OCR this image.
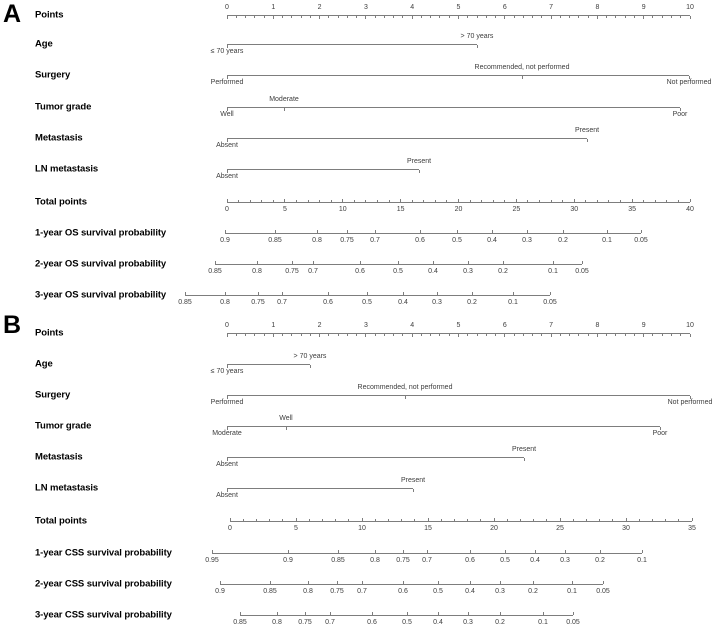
A Points
0	1	2	3	4	5	6	7	8	9	10
Age
≤ 70 years
> 70 years
Surgery
Performed
Recommended, not performed
Not performed
Tumor grade
Well
Moderate
Poor
Metastasis
Absent
Present
LN metastasis
Absent
Present
Total points
0	5	10	15	20	25	30	35	40
1-year OS survival probability
0.9	0.85	0.8	0.75 0.7	0.6	0.5	0.4	0.3	0.2	0.1	0.05
2-year OS survival probability
0.85	0.8	0.75 0.7	0.6	0.5	0.4	0.3	0.2	0.1 0.05
3-year OS survival probability
0.85	0.8	0.75 0.7	0.6	0.5	0.4	0.3	0.2	0.1	0.05
B Points
0	1	2	3	4	5	6	7	8	9	10
Age
≤ 70 years
> 70 years
Surgery
Performed
Recommended, not performed
Not performed
Tumor grade
Moderate
Well
Poor
Metastasis
Absent
Present
LN metastasis
Absent
Present
Total points
0	5	10	15	20	25	30	35
1-year CSS survival probability
0.95	0.9	0.85	0.8 0.75 0.7	0.6	0.5	0.4	0.3	0.2	0.1
2-year CSS survival probability
0.9	0.85	0.8 0.75 0.7	0.6	0.5	0.4	0.3	0.2	0.1	0.05
3-year CSS survival probability
0.85	0.8 0.75 0.7	0.6	0.5	0.4	0.3	0.2	0.1	0.05
